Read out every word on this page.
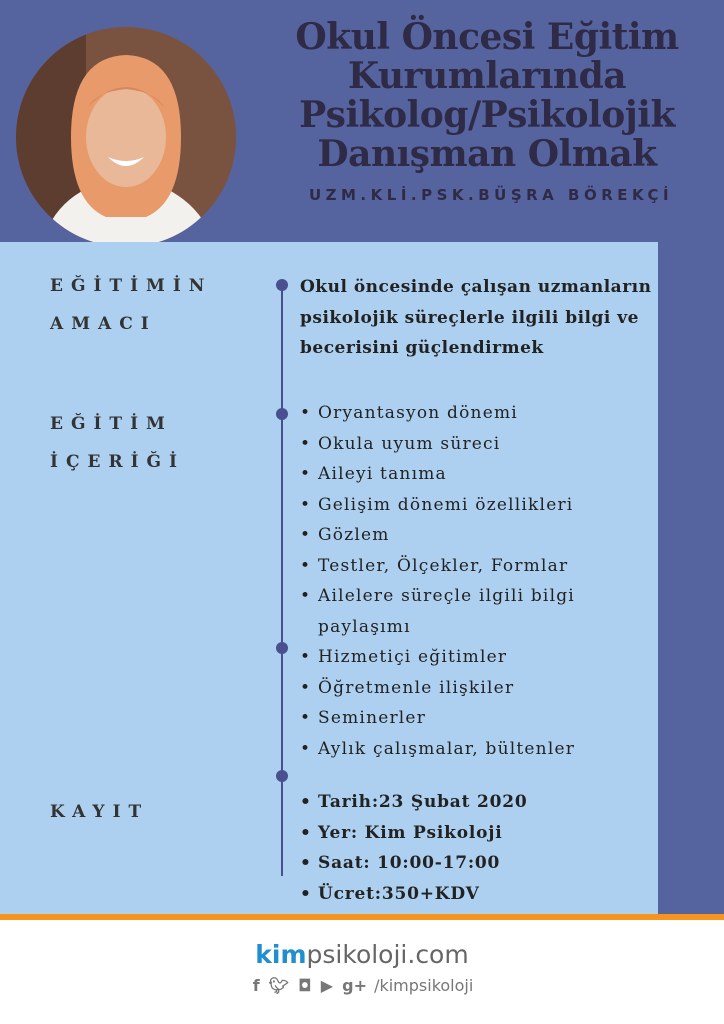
Okul Öncesi Eğitim
Kurumlarında
Psikolog/Psikolojik
Danışman Olmak
UZM.KLİ.PSK.BÜŞRA BÖREKÇİ
EĞİTİMİN
AMACI
EĞİTİM
İÇERİĞİ
KAYIT
Okul öncesinde çalışan uzmanların psikolojik süreçlerle ilgili bilgi ve becerisini güçlendirmek
• Oryantasyon dönemi
• Okula uyum süreci
• Aileyi tanıma
• Gelişim dönemi özellikleri
• Gözlem
• Testler, Ölçekler, Formlar
• Ailelere süreçle ilgili bilgi paylaşımı
• Hizmetiçi eğitimler
• Öğretmenle ilişkiler
• Seminerler
• Aylık çalışmalar, bültenler
• Tarih:23 Şubat 2020
• Yer: Kim Psikoloji
• Saat: 10:00-17:00
• Ücret:350+KDV
kimpsikoloji.com
f 🐦︎ ◘ ▶ g+ /kimpsikoloji
